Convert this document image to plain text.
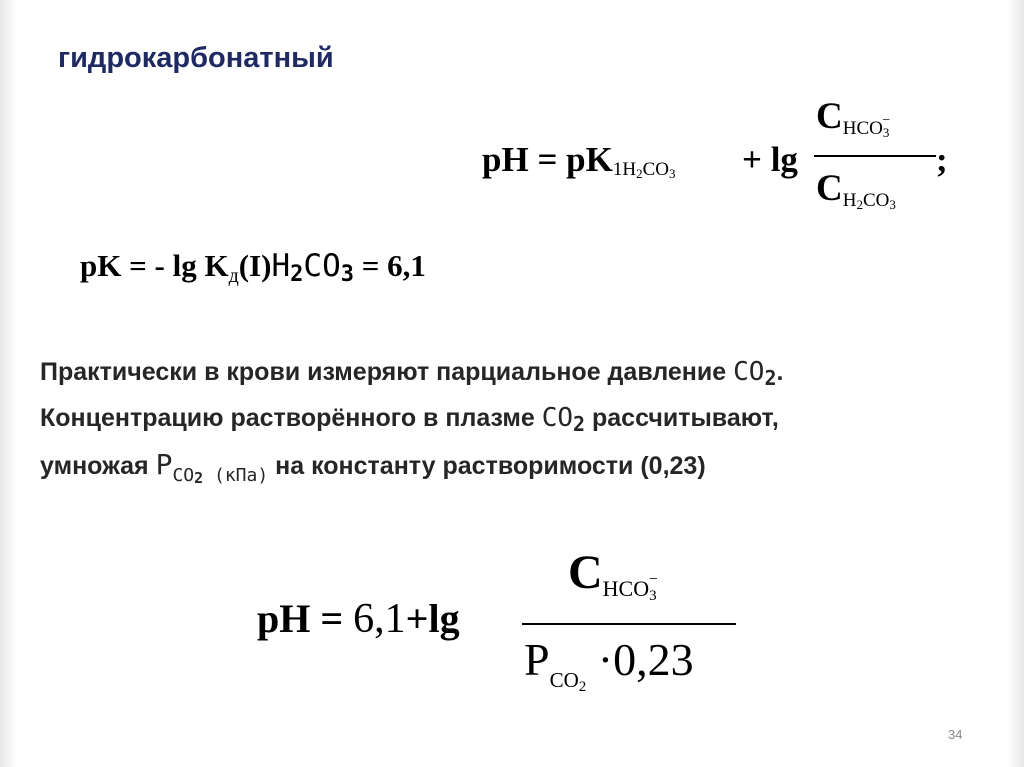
гидрокарбонатный
pH = $pK_{1H_2CO_3} + \lg$
CHCO3−
CH2CO3
;
pK = - lg Kд(I)H2CO3 = 6,1
Практически в крови измеряют парциальное давление CO2.
Концентрацию растворённого в плазме CO2 рассчитывают,
умножая $P_{CO2 (кПа)}$ на константу растворимости (0,23)
pH = 6,1+lg
CHCO3−
$P_{CO2} \cdot 0,23$
34
